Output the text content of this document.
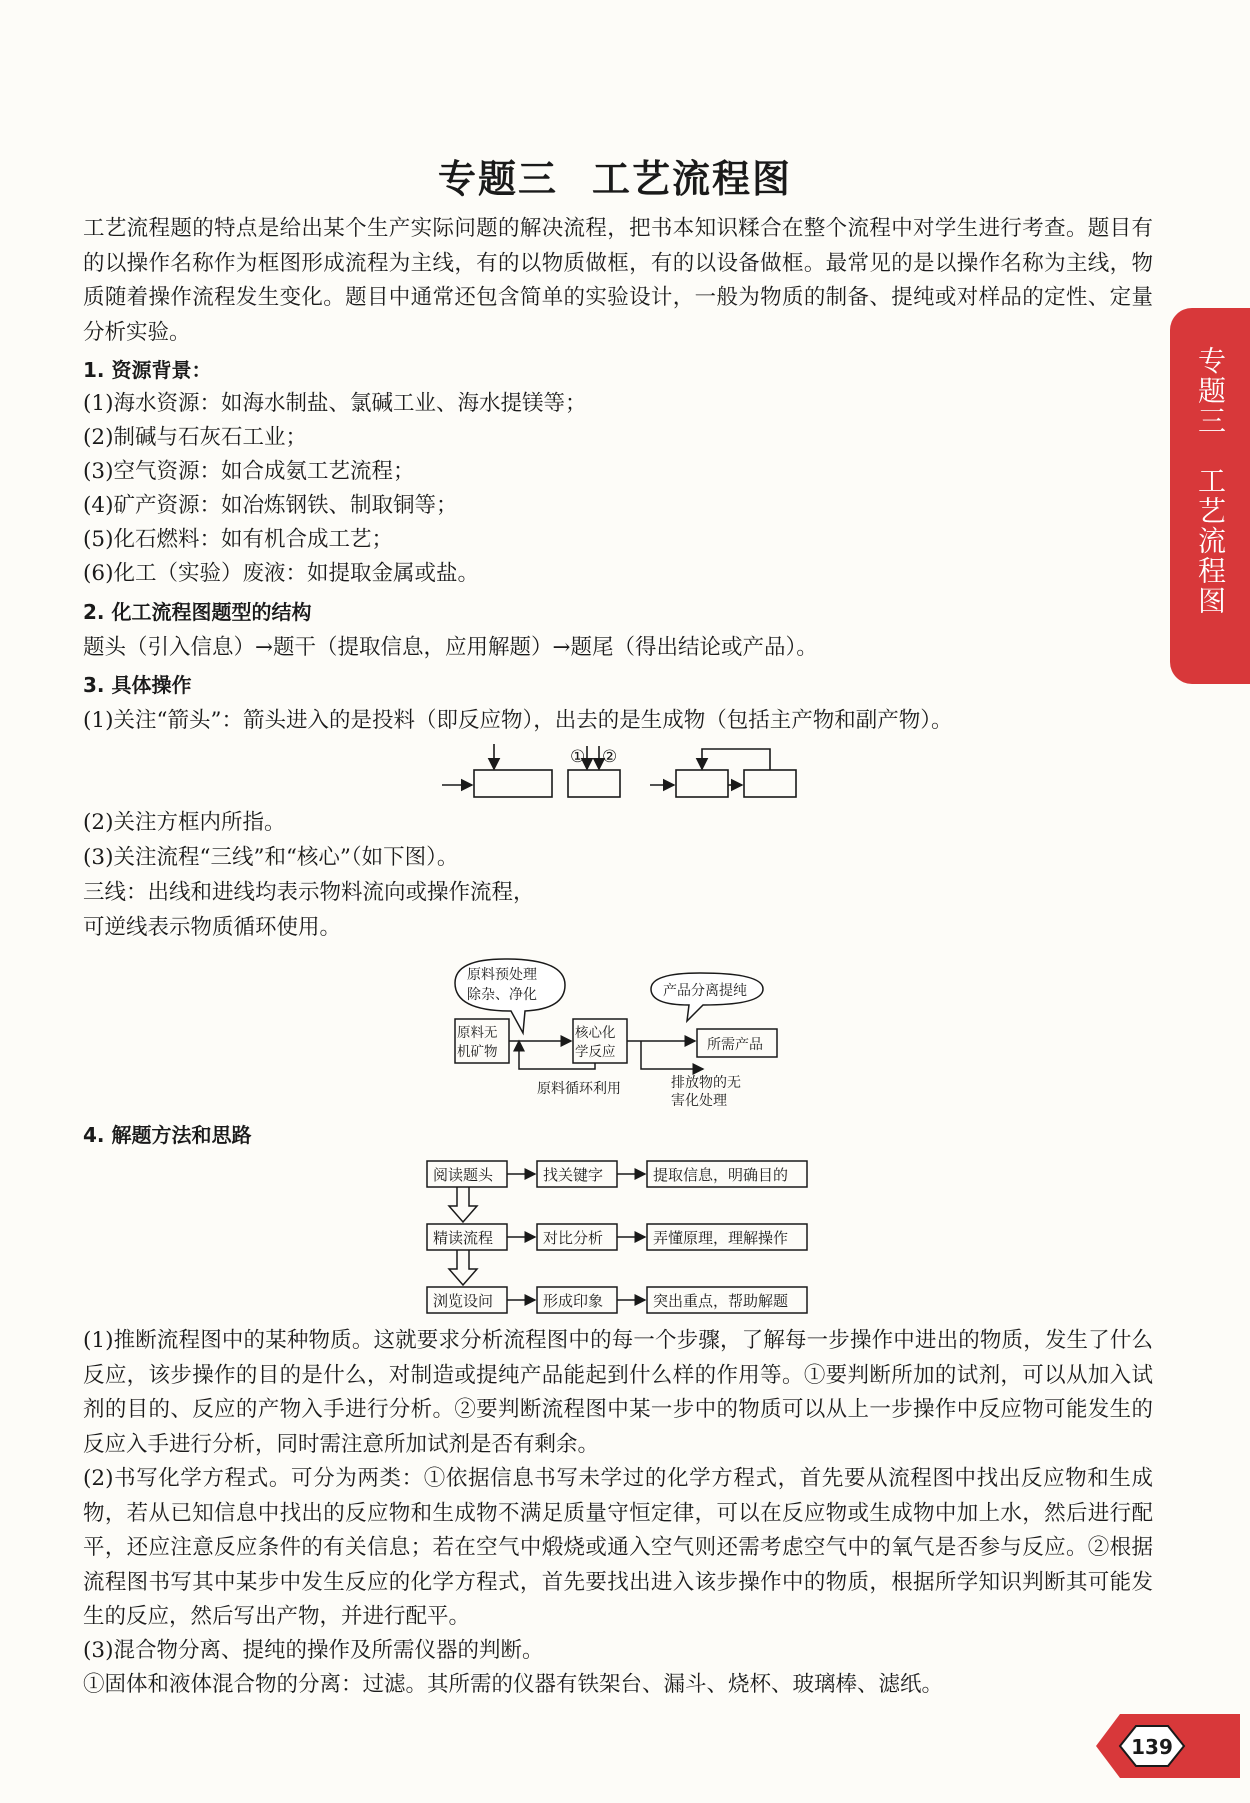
专题三 工艺流程图
专题三
工艺流程图
工艺流程题的特点是给出某个生产实际问题的解决流程，把书本知识糅合在整个流程中对学生进行考查。题目有的以操作名称作为框图形成流程为主线，有的以物质做框，有的以设备做框。最常见的是以操作名称为主线，物质随着操作流程发生变化。题目中通常还包含简单的实验设计，一般为物质的制备、提纯或对样品的定性、定量分析实验。
1. 资源背景：
(1)海水资源：如海水制盐、氯碱工业、海水提镁等；
(2)制碱与石灰石工业；
(3)空气资源：如合成氨工艺流程；
(4)矿产资源：如冶炼钢铁、制取铜等；
(5)化石燃料：如有机合成工艺；
(6)化工（实验）废液：如提取金属或盐。
2. 化工流程图题型的结构
题头（引入信息）→题干（提取信息，应用解题）→题尾（得出结论或产品）。
3. 具体操作
(1)关注“箭头”：箭头进入的是投料（即反应物），出去的是生成物（包括主产物和副产物）。
① ②
(2)关注方框内所指。
(3)关注流程“三线”和“核心”（如下图）。
三线：出线和进线均表示物料流向或操作流程，
可逆线表示物质循环使用。
原料预处理
除杂、净化	产品分离提纯
原料无
机矿物
核心化
学反应	所需产品
原料循环利用	排放物的无
害化处理
4. 解题方法和思路
阅读题头	找关键字	提取信息，明确目的
精读流程	对比分析	弄懂原理，理解操作
浏览设问	形成印象	突出重点，帮助解题
(1)推断流程图中的某种物质。这就要求分析流程图中的每一个步骤，了解每一步操作中进出的物质，发生了什么反应，该步操作的目的是什么，对制造或提纯产品能起到什么样的作用等。①要判断所加的试剂，可以从加入试剂的目的、反应的产物入手进行分析。②要判断流程图中某一步中的物质可以从上一步操作中反应物可能发生的反应入手进行分析，同时需注意所加试剂是否有剩余。
(2)书写化学方程式。可分为两类：①依据信息书写未学过的化学方程式，首先要从流程图中找出反应物和生成物，若从已知信息中找出的反应物和生成物不满足质量守恒定律，可以在反应物或生成物中加上水，然后进行配平，还应注意反应条件的有关信息；若在空气中煅烧或通入空气则还需考虑空气中的氧气是否参与反应。②根据流程图书写其中某步中发生反应的化学方程式，首先要找出进入该步操作中的物质，根据所学知识判断其可能发生的反应，然后写出产物，并进行配平。
(3)混合物分离、提纯的操作及所需仪器的判断。
①固体和液体混合物的分离：过滤。其所需的仪器有铁架台、漏斗、烧杯、玻璃棒、滤纸。
139
